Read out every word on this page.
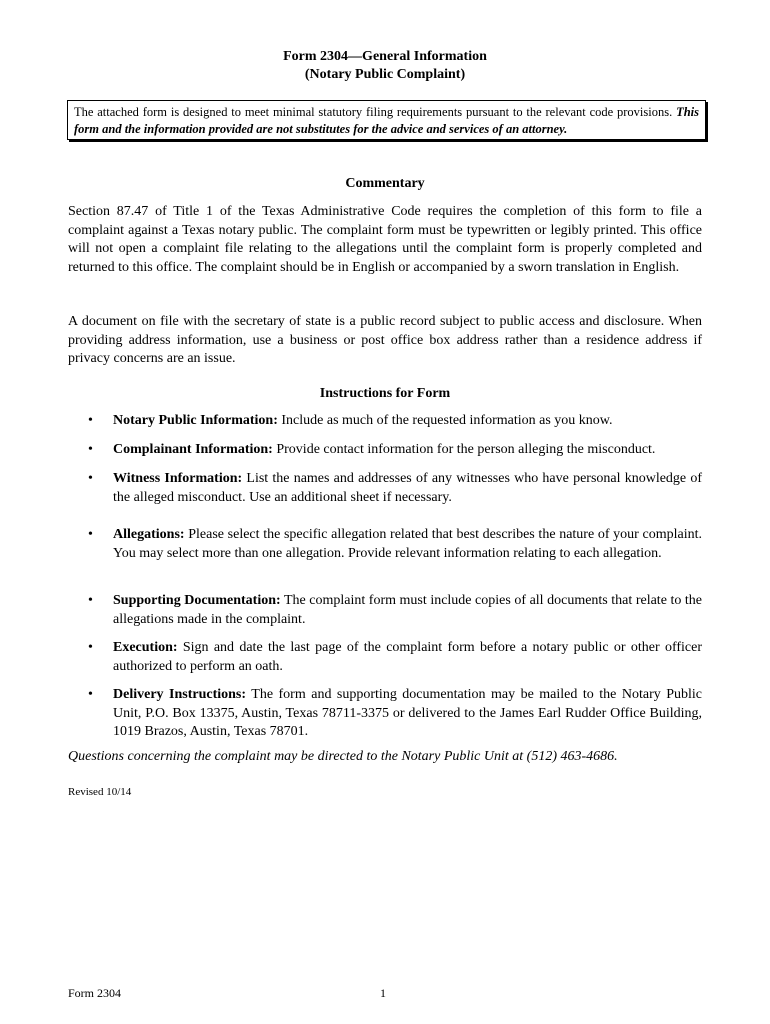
Form 2304—General Information
(Notary Public Complaint)
The attached form is designed to meet minimal statutory filing requirements pursuant to the relevant code provisions. This form and the information provided are not substitutes for the advice and services of an attorney.
Commentary
Section 87.47 of Title 1 of the Texas Administrative Code requires the completion of this form to file a complaint against a Texas notary public. The complaint form must be typewritten or legibly printed. This office will not open a complaint file relating to the allegations until the complaint form is properly completed and returned to this office. The complaint should be in English or accompanied by a sworn translation in English.
A document on file with the secretary of state is a public record subject to public access and disclosure. When providing address information, use a business or post office box address rather than a residence address if privacy concerns are an issue.
Instructions for Form
•	Notary Public Information: Include as much of the requested information as you know.
•	Complainant Information: Provide contact information for the person alleging the misconduct.
•	Witness Information: List the names and addresses of any witnesses who have personal knowledge of the alleged misconduct. Use an additional sheet if necessary.
•	Allegations: Please select the specific allegation related that best describes the nature of your complaint. You may select more than one allegation. Provide relevant information relating to each allegation.
•	Supporting Documentation: The complaint form must include copies of all documents that relate to the allegations made in the complaint.
•	Execution: Sign and date the last page of the complaint form before a notary public or other officer authorized to perform an oath.
•	Delivery Instructions: The form and supporting documentation may be mailed to the Notary Public Unit, P.O. Box 13375, Austin, Texas 78711-3375 or delivered to the James Earl Rudder Office Building, 1019 Brazos, Austin, Texas 78701.
Questions concerning the complaint may be directed to the Notary Public Unit at (512) 463-4686.
Revised 10/14
Form 2304	1
